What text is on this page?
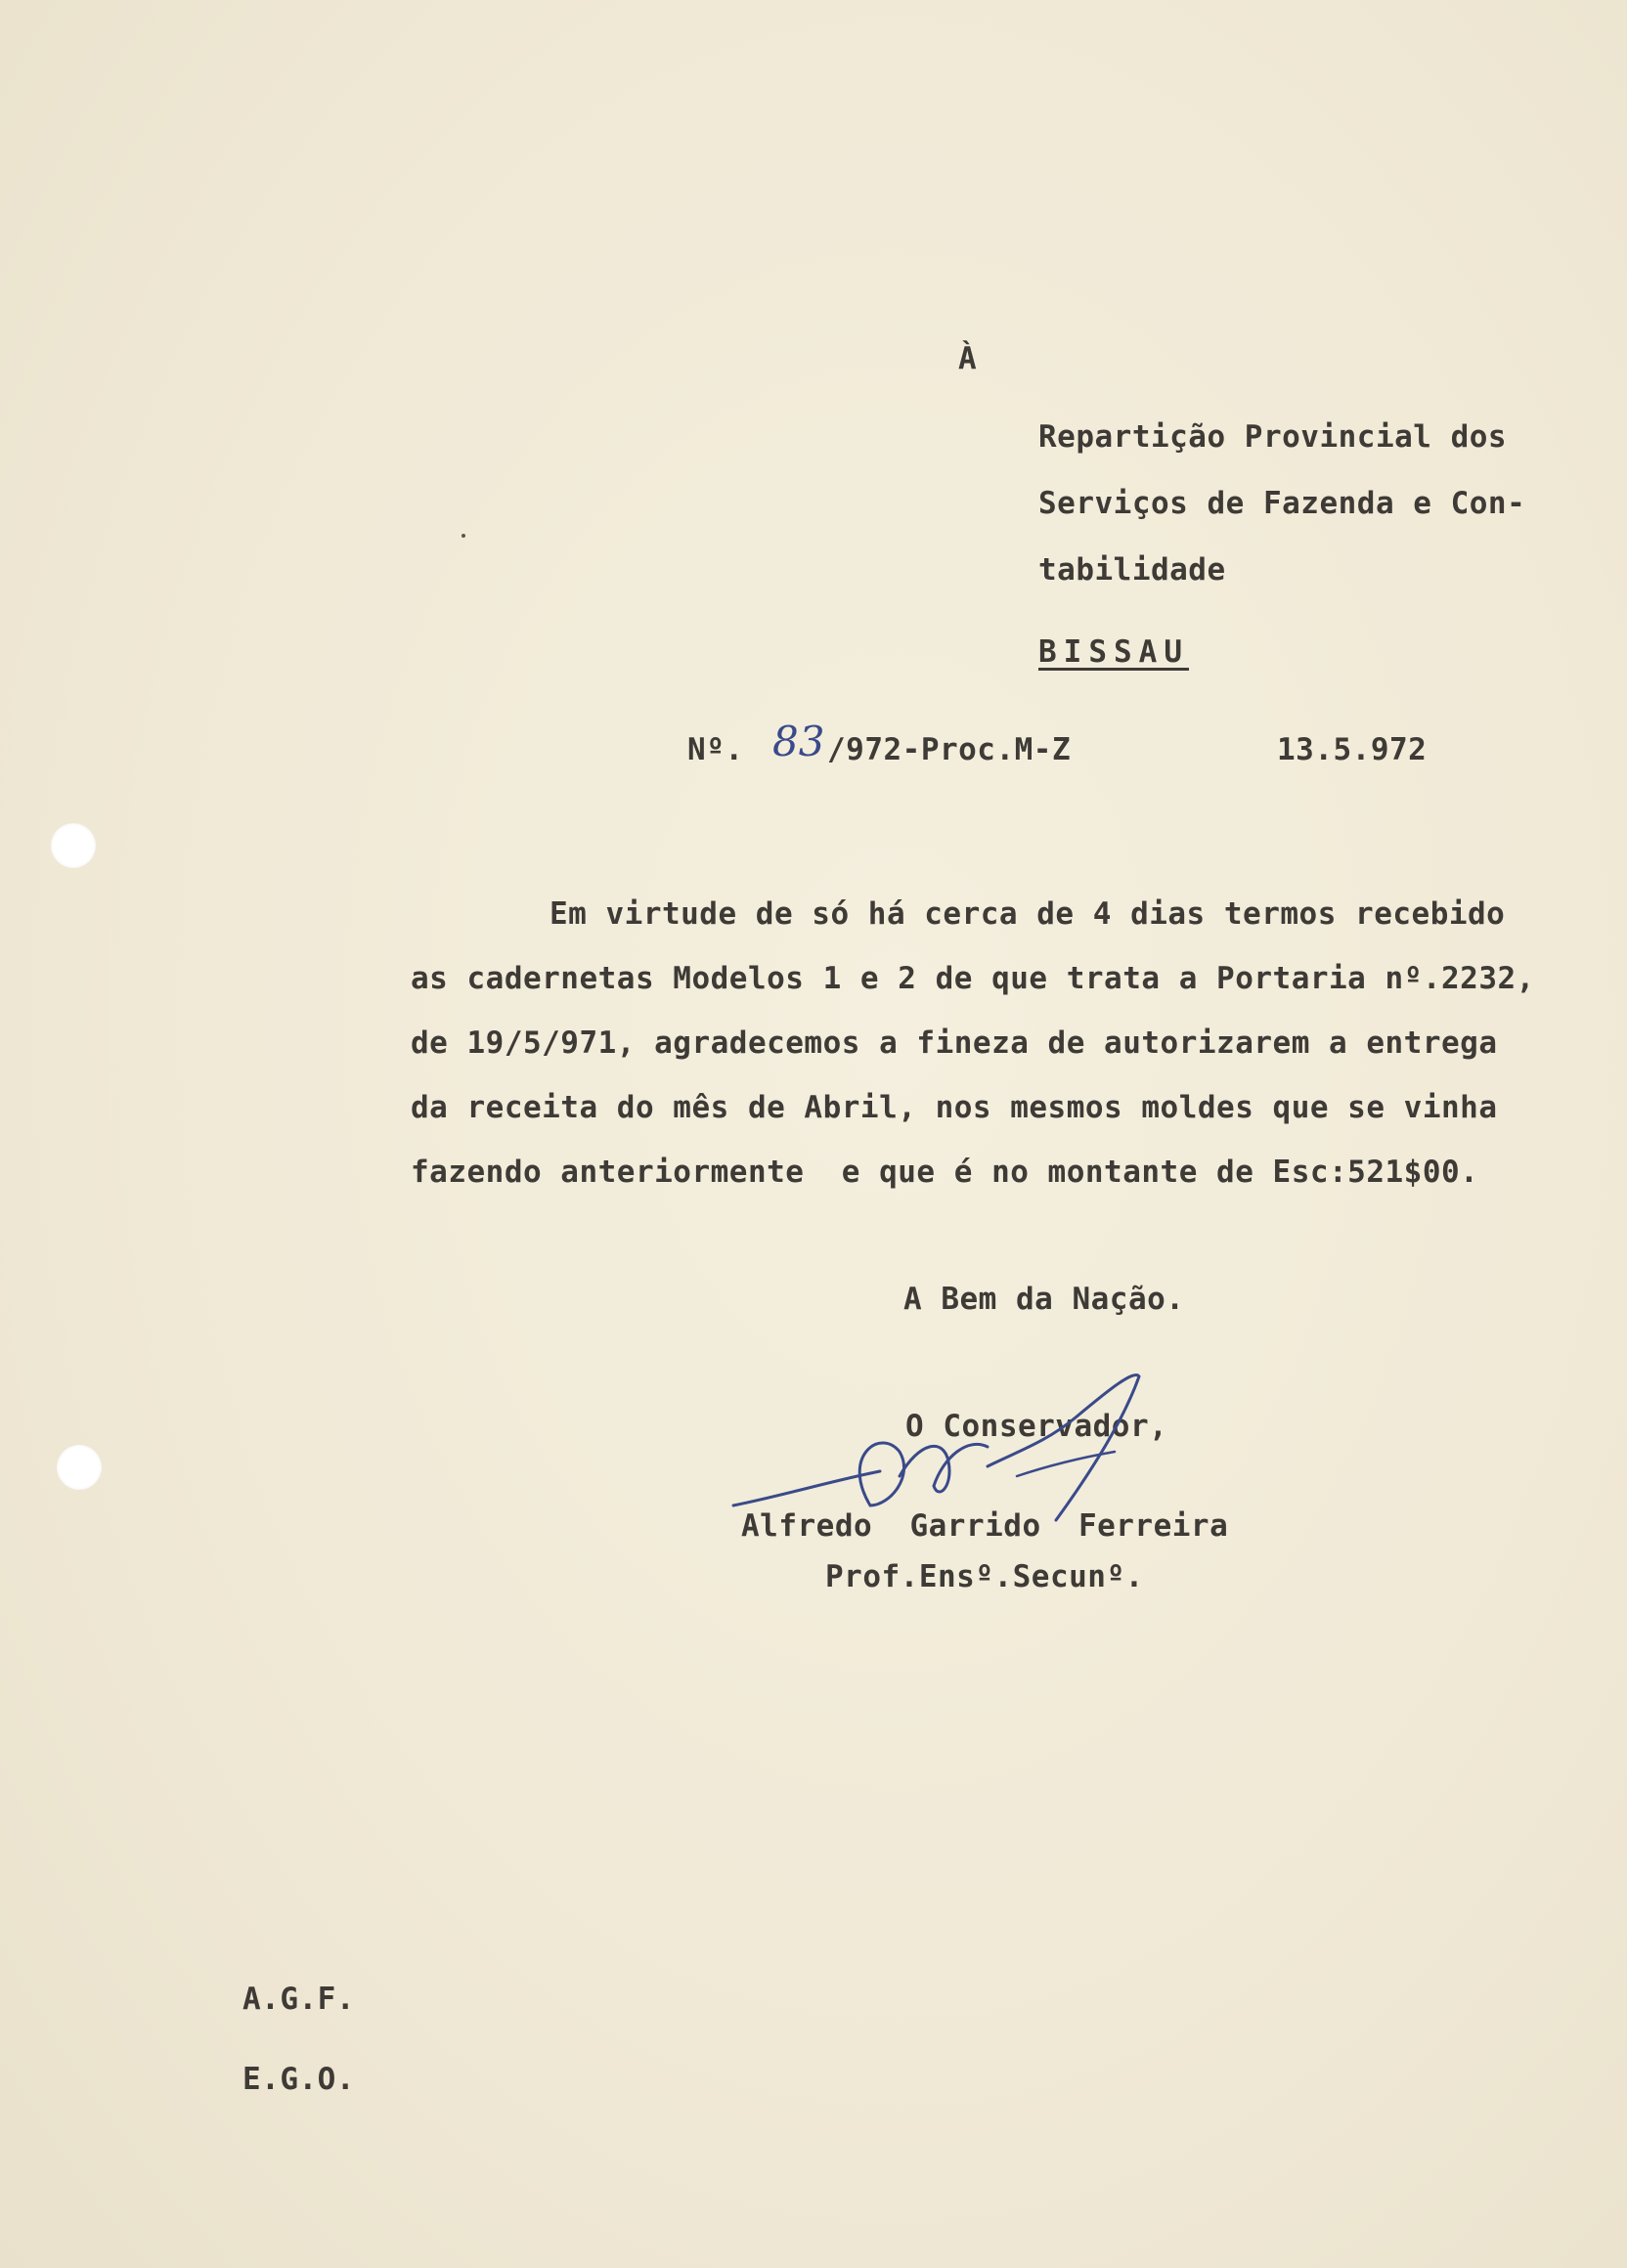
À
Repartição Provincial dos
Serviços de Fazenda e Con-
tabilidade
BISSAU
Nº. 83 /972-Proc.M-Z	13.5.972
Em virtude de só há cerca de 4 dias termos recebido
as cadernetas Modelos 1 e 2 de que trata a Portaria nº.2232,
de 19/5/971, agradecemos a fineza de autorizarem a entrega
da receita do mês de Abril, nos mesmos moldes que se vinha
fazendo anteriormente  e que é no montante de Esc:521$00.
A Bem da Nação.
O Conservador,
Alfredo  Garrido  Ferreira
Prof.Ensº.Secunº.
A.G.F.
E.G.O.
